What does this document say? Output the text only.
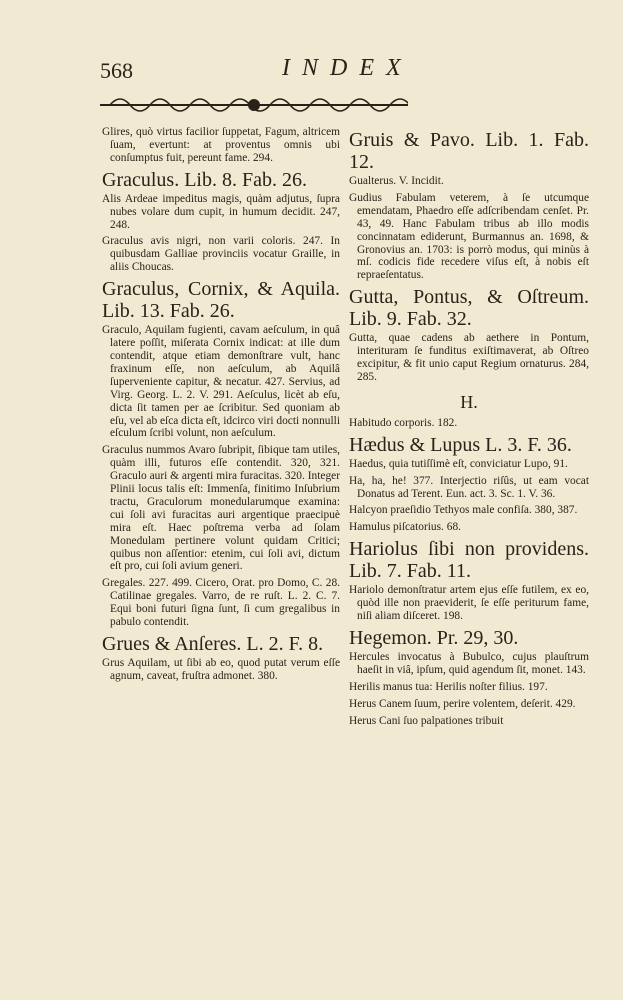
568	INDEX
Glires, quò virtus facilior ſuppetat, Fagum, altricem ſuam, evertunt: at proventus omnis ubi conſumptus fuit, pereunt fame. 294.
Graculus. Lib. 8. Fab. 26.
Alis Ardeae impeditus magis, quàm adjutus, ſupra nubes volare dum cupit, in humum decidit. 247, 248.
Graculus avis nigri, non varii coloris. 247. In quibusdam Galliae provinciis vocatur Graille, in aliis Choucas.
Graculus, Cornix, & Aquila. Lib. 13. Fab. 26.
Graculo, Aquilam fugienti, cavam aeſculum, in quâ latere poſſit, miſerata Cornix indicat: at ille dum contendit, atque etiam demonſtrare vult, hanc fraxinum eſſe, non aeſculum, ab Aquilâ ſupervenientе capitur, & necatur. 427. Servius, ad Virg. Georg. L. 2. V. 291. Aeſculus, licèt ab eſu, dicta ſit tamen per ae ſcribitur. Sed quoniam ab eſu, vel ab eſca dicta eſt, idcirco viri docti nonnulli eſculum ſcribi volunt, non aeſculum.
Graculus nummos Avaro ſubripit, ſibique tam utiles, quàm illi, futuros eſſe contendit. 320, 321. Graculo auri & argenti mira furacitas. 320. Integer Plinii locus talis eſt: Immenſa, finitimo Inſubrium tractu, Graculorum monedularumque examina: cui ſoli avi furacitas auri argentique praecipuè mira eſt. Haec poſtrema verba ad ſolam Monedulam pertinere volunt quidam Critici; quibus non aſſentior: etenim, cui ſoli avi, dictum eſt pro, cui ſoli avium generi.
Gregales. 227. 499. Cicero, Orat. pro Domo, C. 28. Catilinae gregales. Varro, de re ruſt. L. 2. C. 7. Equi boni futuri ſigna ſunt, ſi cum gregalibus in pabulo contendit.
Grues & Anſeres. L. 2. F. 8.
Grus Aquilam, ut ſibi ab eo, quod putat verum eſſe agnum, caveat, fruſtra admonet. 380.
Gruis & Pavo. Lib. 1. Fab. 12.
Gualterus. V. Incidit.
Gudius Fabulam veterem, à ſe utcumque emendatam, Phaedro eſſe adſcribendam cenſet. Pr. 43, 49. Hanc Fabulam tribus ab illo modis concinnatam ediderunt, Burmannus an. 1698, & Gronovius an. 1703: is porrò modus, qui minùs à mſ. codicis fide recedere viſus eſt, à nobis eſt repraeſentatus.
Gutta, Pontus, & Oſtreum. Lib. 9. Fab. 32.
Gutta, quae cadens ab aethere in Pontum, interituram ſe funditus exiſtimaverat, ab Oſtreo excipitur, & fit unio caput Regium ornaturus. 284, 285.
H.
Habitudo corporis. 182.
Hædus & Lupus L. 3. F. 36.
Haedus, quia tutiſſimè eſt, conviciatur Lupo, 91.
Ha, ha, he! 377. Interjectio riſûs, ut eam vocat Donatus ad Terent. Eun. act. 3. Sc. 1. V. 36.
Halcyon praeſidio Tethyos male confiſa. 380, 387.
Hamulus piſcatorius. 68.
Hariolus ſibi non providens. Lib. 7. Fab. 11.
Hariolo demonſtratur artem ejus eſſe futilem, ex eo, quòd ille non praeviderit, ſe eſſe periturum fame, niſi aliam diſceret. 198.
Hegemon. Pr. 29, 30.
Hercules invocatus à Bubulco, cujus plauſtrum haeſit in viâ, ipſum, quid agendum ſit, monet. 143.
Herilis manus tua: Herilis noſter filius. 197.
Herus Canem ſuum, perire volentem, deſerit. 429.
Herus Cani ſuo palpationes tribuit
